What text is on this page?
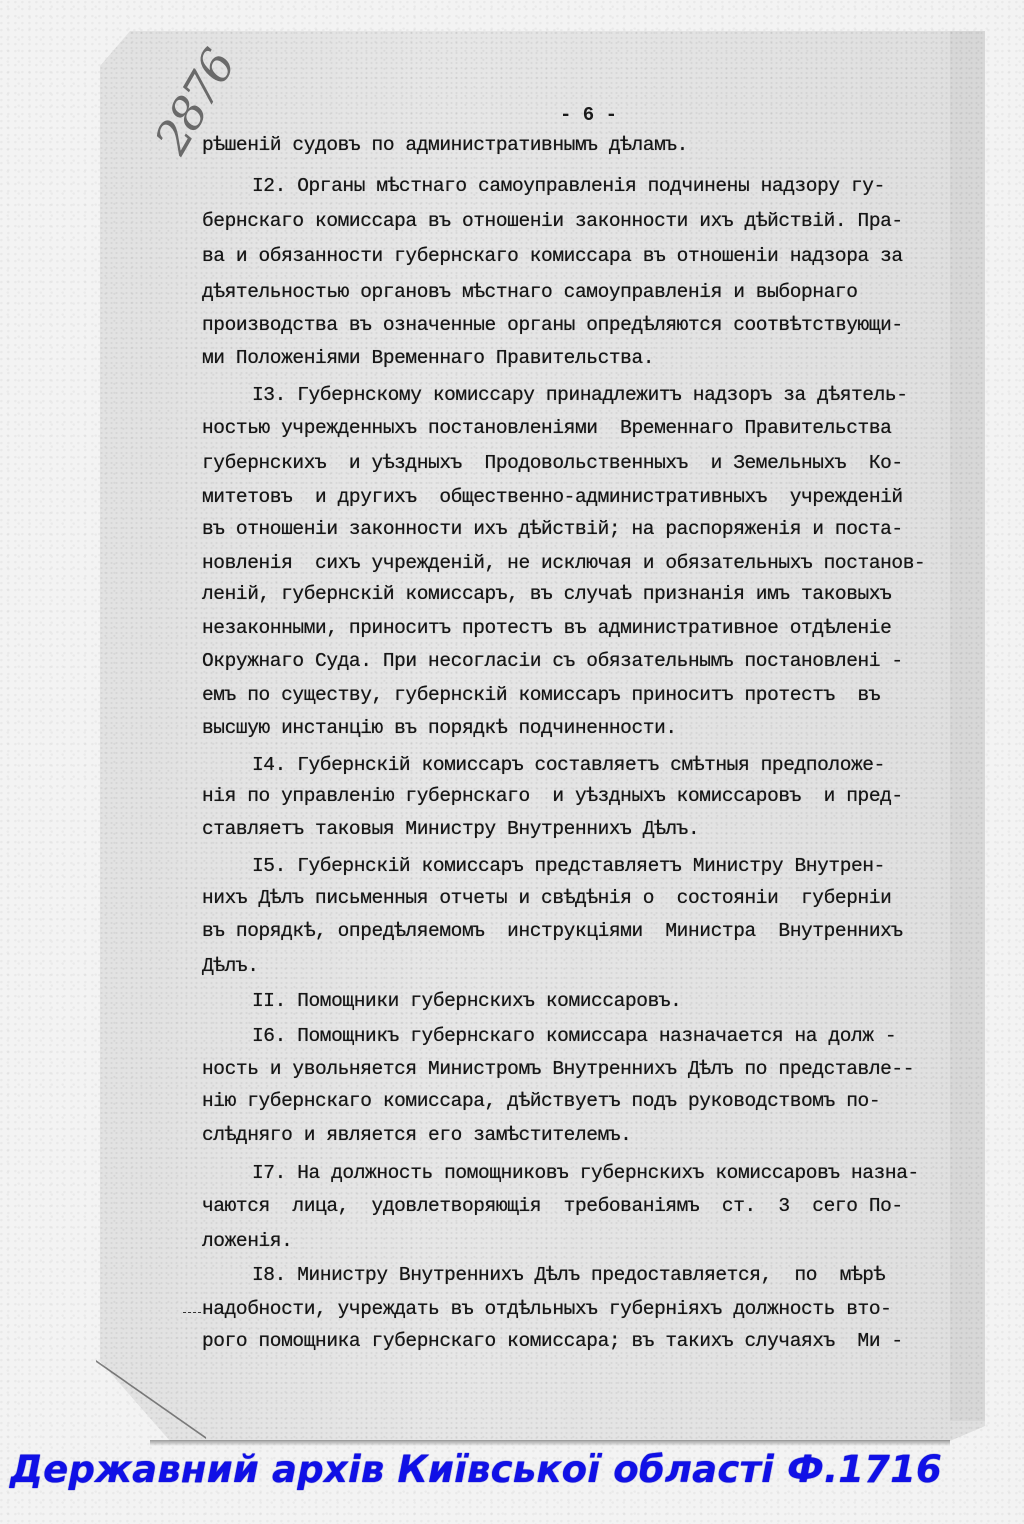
2876	- 6 -
рѣшенiй судовъ по административнымъ дѣламъ.
I2. Органы мѣстнаго самоуправленiя подчинены надзору гу-
бернскаго комиссара въ отношенiи законности ихъ дѣйствiй. Пра-
ва и обязанности губернскаго комиссара въ отношенiи надзора за
дѣятельностью органовъ мѣстнаго самоуправленiя и выборнаго
производства въ означенные органы опредѣляются соотвѣтствующи-
ми Положенiями Временнаго Правительства.
I3. Губернскому комиссару принадлежитъ надзоръ за дѣятель-
ностью учрежденныхъ постановленiями  Временнаго Правительства
губернскихъ  и уѣздныхъ  Продовольственныхъ  и Земельныхъ  Ко-
митетовъ  и другихъ  общественно-административныхъ  учрежденiй
въ отношенiи законности ихъ дѣйствiй; на распоряженiя и поста-
новленiя  сихъ учрежденiй, не исключая и обязательныхъ постанов-
ленiй, губернскiй комиссаръ, въ случаѣ признанiя имъ таковыхъ
незаконными, приноситъ протестъ въ административное отдѣленiе
Окружнаго Суда. При несогласiи съ обязательнымъ постановленi -
емъ по существу, губернскiй комиссаръ приноситъ протестъ  въ
высшую инстанцiю въ порядкѣ подчиненности.
I4. Губернскiй комиссаръ составляетъ смѣтныя предположе-
нiя по управленiю губернскаго  и уѣздныхъ комиссаровъ  и пред-
ставляетъ таковыя Министру Внутреннихъ Дѣлъ.
I5. Губернскiй комиссаръ представляетъ Министру Внутрен-
нихъ Дѣлъ письменныя отчеты и свѣдѣнiя о  состоянiи  губернiи
въ порядкѣ, опредѣляемомъ  инструкцiями  Министра  Внутреннихъ
Дѣлъ.
II. Помощники губернскихъ комиссаровъ.
I6. Помощникъ губернскаго комиссара назначается на долж -
ность и увольняется Министромъ Внутреннихъ Дѣлъ по представле--
нiю губернскаго комиссара, дѣйствуетъ подъ руководствомъ по-
слѣдняго и является его замѣстителемъ.
I7. На должность помощниковъ губернскихъ комиссаровъ назна-
чаются  лица,  удовлетворяющiя  требованiямъ  ст.  3  сего По-
ложенiя.
I8. Министру Внутреннихъ Дѣлъ предоставляется,  по  мѣрѣ
надобности, учреждать въ отдѣльныхъ губернiяхъ должность вто-
рого помощника губернскаго комиссара; въ такихъ случаяхъ  Ми -
Державний архів Київської області Ф.1716
